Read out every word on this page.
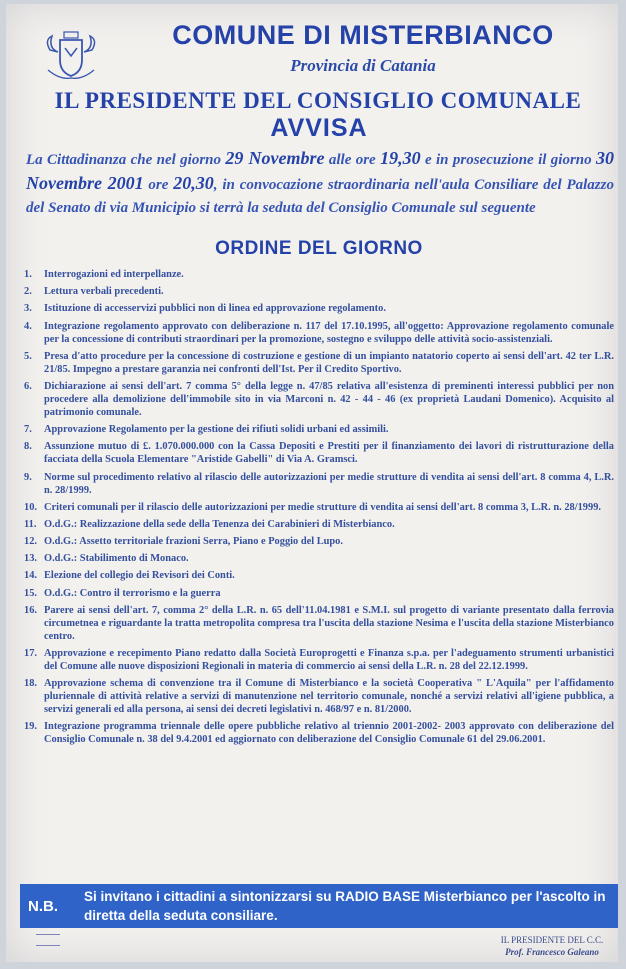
COMUNE DI MISTERBIANCO
Provincia di Catania
IL PRESIDENTE DEL CONSIGLIO COMUNALE
AVVISA
La Cittadinanza che nel giorno 29 Novembre alle ore 19,30 e in prosecuzione il giorno 30 Novembre 2001 ore 20,30, in convocazione straordinaria nell'aula Consiliare del Palazzo del Senato di via Municipio si terrà la seduta del Consiglio Comunale sul seguente
ORDINE DEL GIORNO
1.	Interrogazioni ed interpellanze.
2.	Lettura verbali precedenti.
3.	Istituzione di accesservizi pubblici non di linea ed approvazione regolamento.
4.	Integrazione regolamento approvato con deliberazione n. 117 del 17.10.1995, all'oggetto: Approvazione regolamento comunale per la concessione di contributi straordinari per la promozione, sostegno e sviluppo delle attività socio-assistenziali.
5.	Presa d'atto procedure per la concessione di costruzione e gestione di un impianto natatorio coperto ai sensi dell'art. 42 ter L.R. 21/85. Impegno a prestare garanzia nei confronti dell'Ist. Per il Credito Sportivo.
6.	Dichiarazione ai sensi dell'art. 7 comma 5° della legge n. 47/85 relativa all'esistenza di preminenti interessi pubblici per non procedere alla demolizione dell'immobile sito in via Marconi n. 42 - 44 - 46 (ex proprietà Laudani Domenico). Acquisito al patrimonio comunale.
7.	Approvazione Regolamento per la gestione dei rifiuti solidi urbani ed assimili.
8.	Assunzione mutuo di £. 1.070.000.000 con la Cassa Depositi e Prestiti per il finanziamento dei lavori di ristrutturazione della facciata della Scuola Elementare "Aristide Gabelli" di Via A. Gramsci.
9.	Norme sul procedimento relativo al rilascio delle autorizzazioni per medie strutture di vendita ai sensi dell'art. 8 comma 4, L.R. n. 28/1999.
10. Criteri comunali per il rilascio delle autorizzazioni per medie strutture di vendita ai sensi dell'art. 8 comma 3, L.R. n. 28/1999.
11. O.d.G.: Realizzazione della sede della Tenenza dei Carabinieri di Misterbianco.
12. O.d.G.: Assetto territoriale frazioni Serra, Piano e Poggio del Lupo.
13. O.d.G.: Stabilimento di Monaco.
14. Elezione del collegio dei Revisori dei Conti.
15. O.d.G.: Contro il terrorismo e la guerra
16. Parere ai sensi dell'art. 7, comma 2° della L.R. n. 65 dell'11.04.1981 e S.M.I. sul progetto di variante presentato dalla ferrovia circumetnea e riguardante la tratta metropolita compresa tra l'uscita della stazione Nesima e l'uscita della stazione Misterbianco centro.
17. Approvazione e recepimento Piano redatto dalla Società Europrogetti e Finanza s.p.a. per l'adeguamento strumenti urbanistici del Comune alle nuove disposizioni Regionali in materia di commercio ai sensi della L.R. n. 28 del 22.12.1999.
18. Approvazione schema di convenzione tra il Comune di Misterbianco e la società Cooperativa " L'Aquila" per l'affidamento pluriennale di attività relative a servizi di manutenzione nel territorio comunale, nonché a servizi relativi all'igiene pubblica, a servizi generali ed alla persona, ai sensi dei decreti legislativi n. 468/97 e n. 81/2000.
19. Integrazione programma triennale delle opere pubbliche relativo al triennio 2001-2002- 2003 approvato con deliberazione del Consiglio Comunale n. 38 del 9.4.2001 ed aggiornato con deliberazione del Consiglio Comunale 61 del 29.06.2001.
N.B.
Si invitano i cittadini a sintonizzarsi su RADIO BASE Misterbianco per l'ascolto in diretta della seduta consiliare.
IL PRESIDENTE DEL C.C.
Prof. Francesco Galeano
